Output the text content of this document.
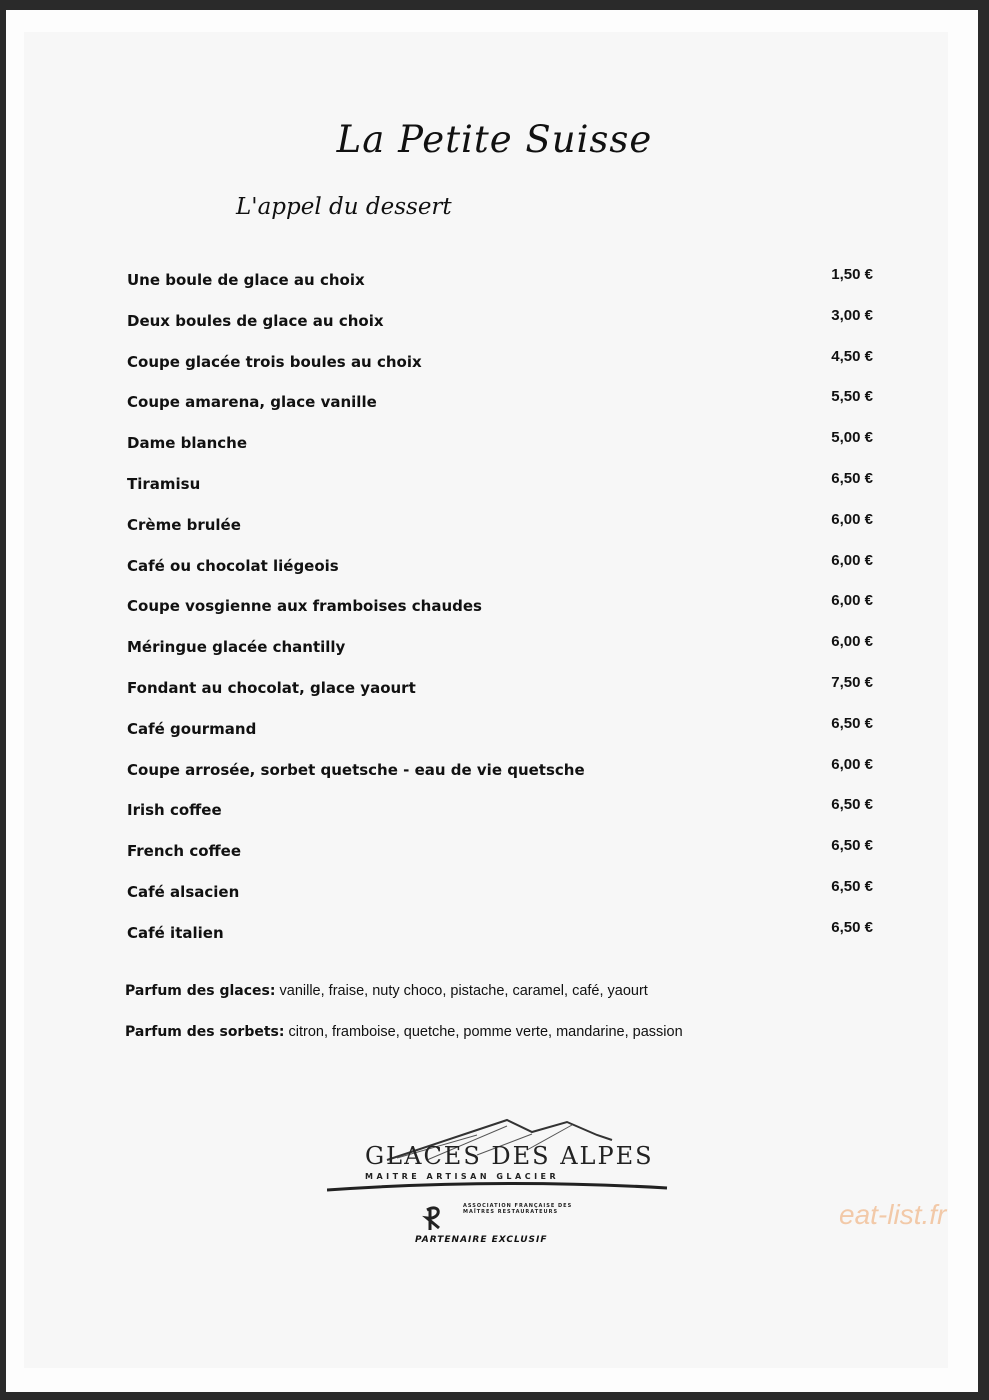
La Petite Suisse
L'appel du dessert
Une boule de glace au choix	1,50 €
Deux boules de glace au choix	3,00 €
Coupe glacée trois boules au choix	4,50 €
Coupe amarena, glace vanille	5,50 €
Dame blanche	5,00 €
Tiramisu	6,50 €
Crème brulée	6,00 €
Café ou chocolat liégeois	6,00 €
Coupe vosgienne aux framboises chaudes	6,00 €
Méringue glacée chantilly	6,00 €
Fondant au chocolat, glace yaourt	7,50 €
Café gourmand	6,50 €
Coupe arrosée, sorbet quetsche - eau de vie quetsche	6,00 €
Irish coffee	6,50 €
French coffee	6,50 €
Café alsacien	6,50 €
Café italien	6,50 €
Parfum des glaces: vanille, fraise, nuty choco, pistache, caramel, café, yaourt
Parfum des sorbets: citron, framboise, quetche, pomme verte, mandarine, passion
GLACES DES ALPES
MAITRE ARTISAN GLACIER
ASSOCIATION FRANÇAISE DES MAÎTRES RESTAURATEURS
PARTENAIRE EXCLUSIF
eat-list.fr
